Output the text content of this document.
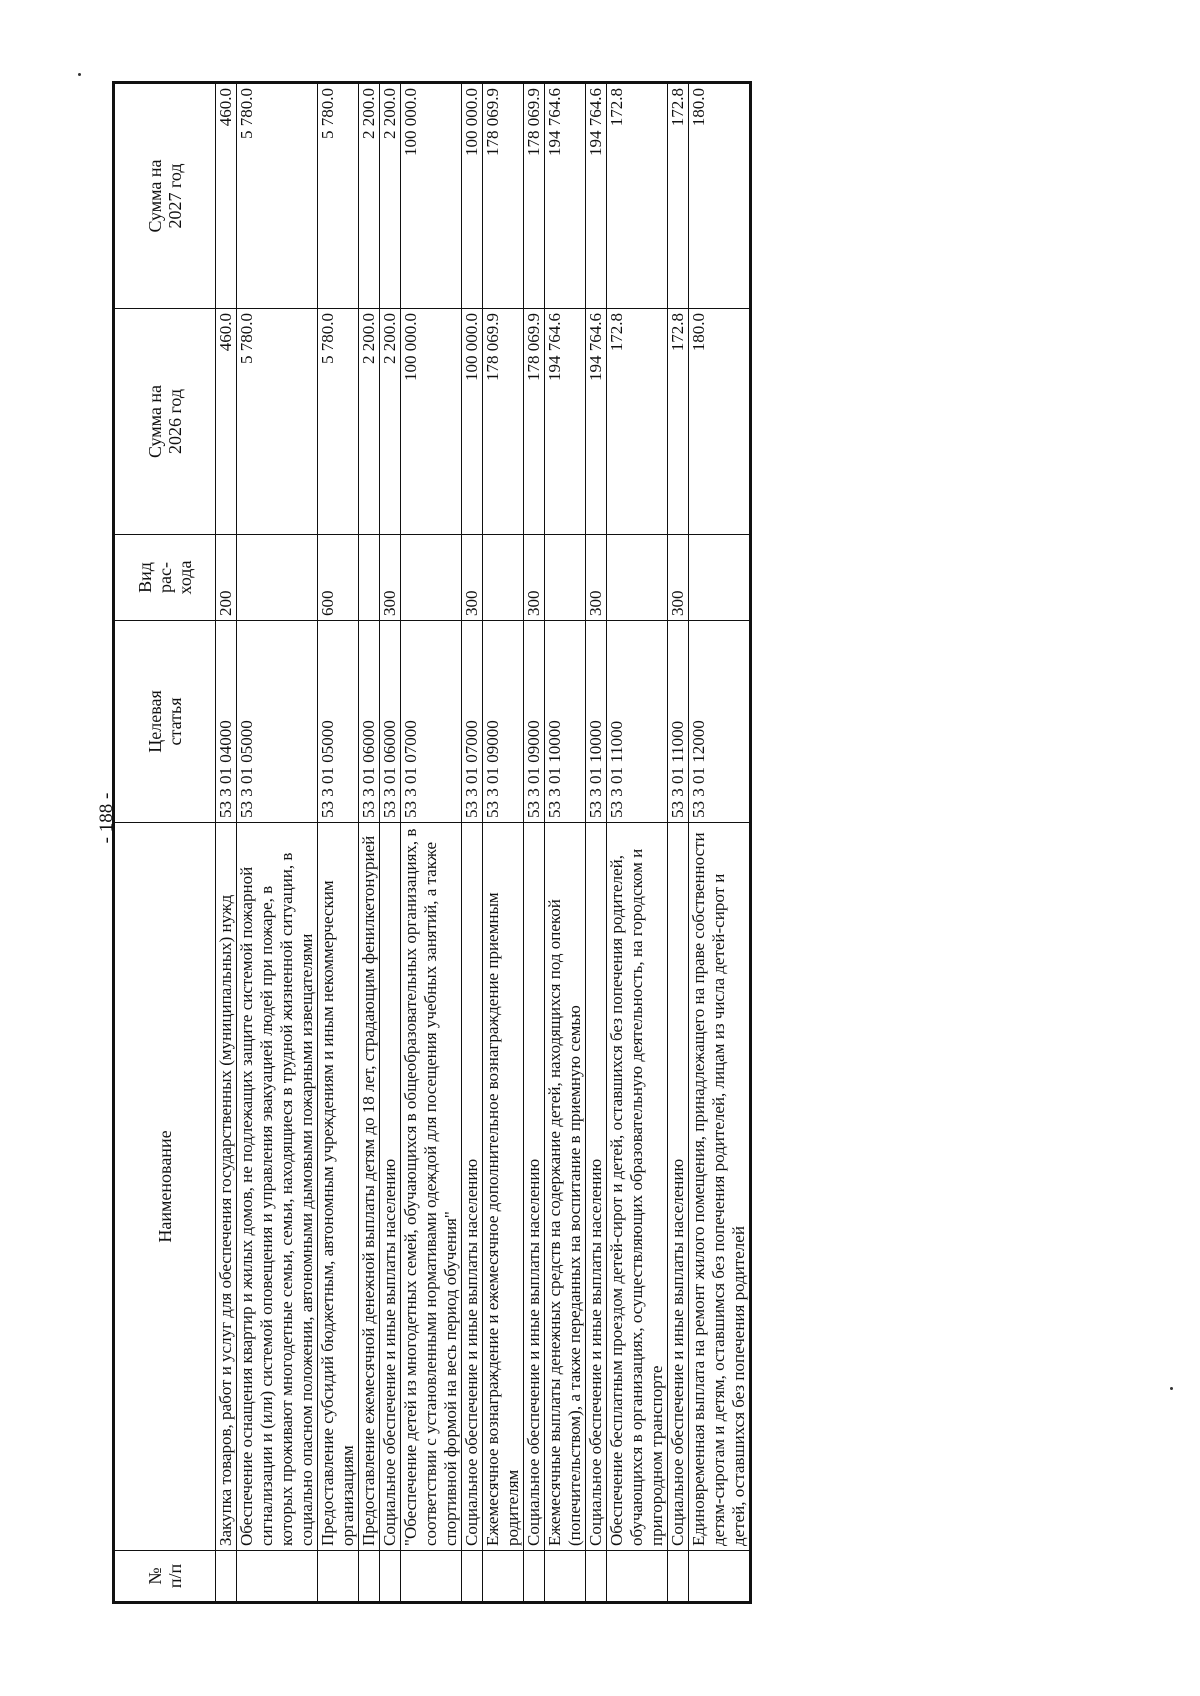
- 188 -
№ п/п	Наименование	Целевая статья	Вид рас- хода	Сумма на 2026 год	Сумма на 2027 год

	Закупка товаров, работ и услуг для обеспечения государственных (муниципальных) нужд	53 3 01 04000	200	460.0	460.0
	Обеспечение оснащения квартир и жилых домов, не подлежащих защите системой пожарной сигнализации и (или) системой оповещения и управления эвакуацией людей при пожаре, в которых проживают многодетные семьи, семьи, находящиеся в трудной жизненной ситуации, в социально опасном положении, автономными дымовыми пожарными извещателями	53 3 01 05000		5 780.0	5 780.0
	Предоставление субсидий бюджетным, автономным учреждениям и иным некоммерческим организациям	53 3 01 05000	600	5 780.0	5 780.0
	Предоставление ежемесячной денежной выплаты детям до 18 лет, страдающим фенилкетонурией	53 3 01 06000		2 200.0	2 200.0
	Социальное обеспечение и иные выплаты населению	53 3 01 06000	300	2 200.0	2 200.0
	"Обеспечение детей из многодетных семей, обучающихся в общеобразовательных организациях, в соответствии с установленными нормативами одеждой для посещения учебных занятий, а также спортивной формой на весь период обучения"	53 3 01 07000		100 000.0	100 000.0
	Социальное обеспечение и иные выплаты населению	53 3 01 07000	300	100 000.0	100 000.0
	Ежемесячное вознаграждение и ежемесячное дополнительное вознаграждение приемным родителям	53 3 01 09000		178 069.9	178 069.9
	Социальное обеспечение и иные выплаты населению	53 3 01 09000	300	178 069.9	178 069.9
	Ежемесячные выплаты денежных средств на содержание детей, находящихся под опекой (попечительством), а также переданных на воспитание в приемную семью	53 3 01 10000		194 764.6	194 764.6
	Социальное обеспечение и иные выплаты населению	53 3 01 10000	300	194 764.6	194 764.6
	Обеспечение бесплатным проездом детей-сирот и детей, оставшихся без попечения родителей, обучающихся в организациях, осуществляющих образовательную деятельность, на городском и пригородном транспорте	53 3 01 11000		172.8	172.8
	Социальное обеспечение и иные выплаты населению	53 3 01 11000	300	172.8	172.8
	Единовременная выплата на ремонт жилого помещения, принадлежащего на праве собственности детям-сиротам и детям, оставшимся без попечения родителей, лицам из числа детей-сирот и детей, оставшихся без попечения родителей	53 3 01 12000		180.0	180.0
